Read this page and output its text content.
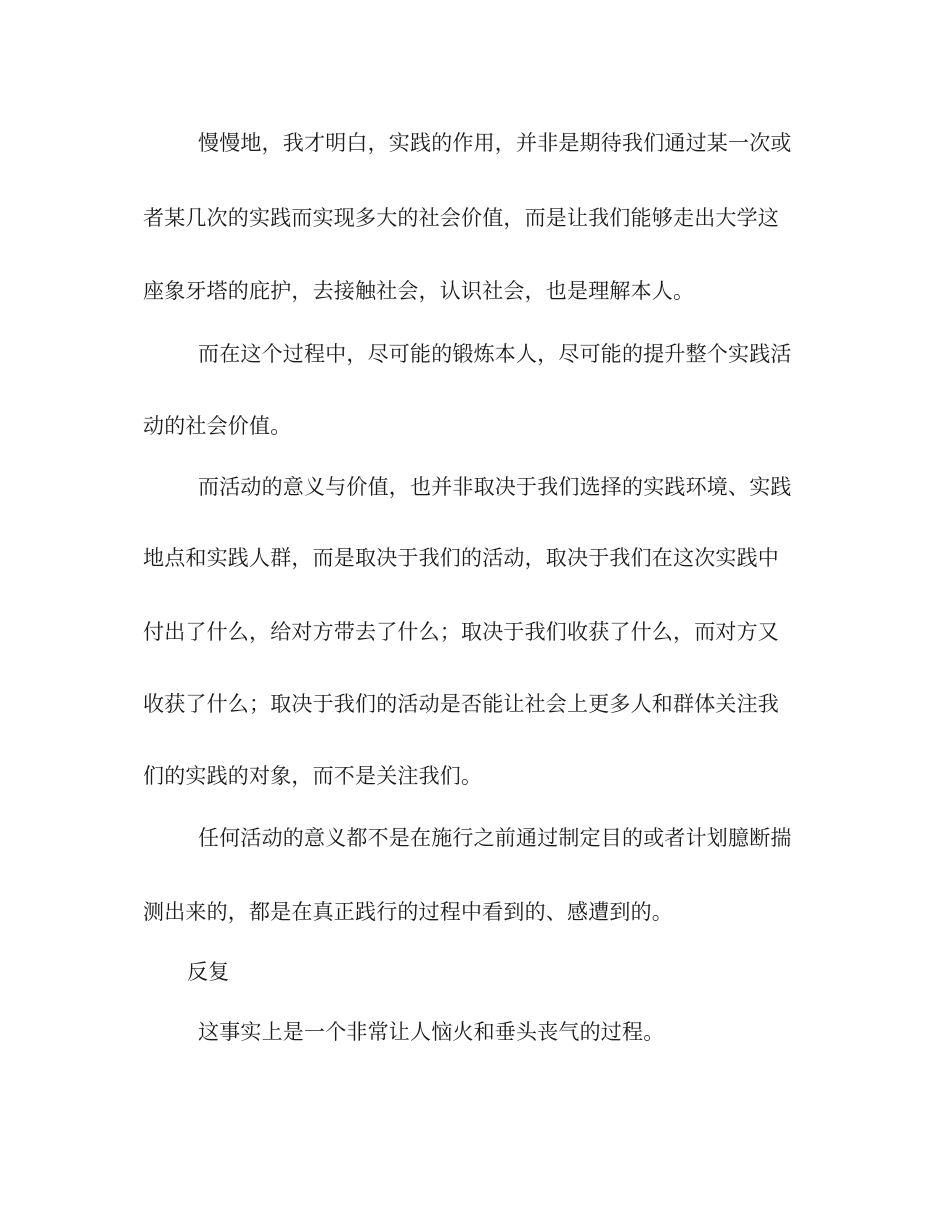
慢慢地，我才明白，实践的作用，并非是期待我们通过某一次或
者某几次的实践而实现多大的社会价值，而是让我们能够走出大学这
座象牙塔的庇护，去接触社会，认识社会，也是理解本人。
而在这个过程中，尽可能的锻炼本人，尽可能的提升整个实践活
动的社会价值。
而活动的意义与价值，也并非取决于我们选择的实践环境、实践
地点和实践人群，而是取决于我们的活动，取决于我们在这次实践中
付出了什么，给对方带去了什么；取决于我们收获了什么，而对方又
收获了什么；取决于我们的活动是否能让社会上更多人和群体关注我
们的实践的对象，而不是关注我们。
任何活动的意义都不是在施行之前通过制定目的或者计划臆断揣
测出来的，都是在真正践行的过程中看到的、感遭到的。
反复
这事实上是一个非常让人恼火和垂头丧气的过程。
